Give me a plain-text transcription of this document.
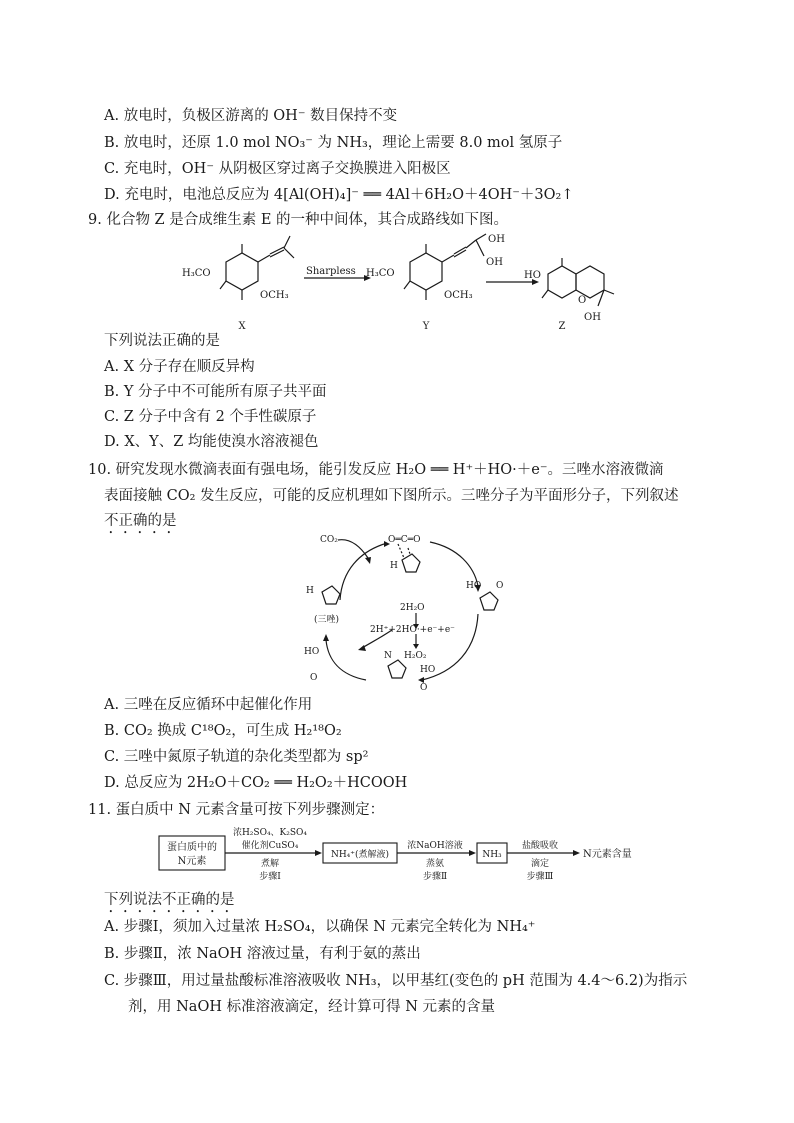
A. 放电时，负极区游离的 OH⁻ 数目保持不变
B. 放电时，还原 1.0 mol NO₃⁻ 为 NH₃，理论上需要 8.0 mol 氢原子
C. 充电时，OH⁻ 从阴极区穿过离子交换膜进入阳极区
D. 充电时，电池总反应为 4[Al(OH)₄]⁻ ══ 4Al＋6H₂O＋4OH⁻＋3O₂↑
9. 化合物 Z 是合成维生素 E 的一种中间体，其合成路线如下图。
H₃CO
OCH₃
X
Sharpless
OH
OH
H₃CO
OCH₃
Y
HO
O
OH
Z
下列说法正确的是
A. X 分子存在顺反异构
B. Y 分子中不可能所有原子共平面
C. Z 分子中含有 2 个手性碳原子
D. X、Y、Z 均能使溴水溶液褪色
10. 研究发现水微滴表面有强电场，能引发反应 H₂O ══ H⁺＋HO·＋e⁻。三唑水溶液微滴
表面接触 CO₂ 发生反应，可能的反应机理如下图所示。三唑分子为平面形分子，下列叙述
不正确的是
CO₂	O═C═O
H
(三唑)
H
HO O
2H₂O
2H⁺+2HO·+e⁻+e⁻
H₂O₂
HO
O
HO
O
N
A. 三唑在反应循环中起催化作用
B. CO₂ 换成 C¹⁸O₂，可生成 H₂¹⁸O₂
C. 三唑中氮原子轨道的杂化类型都为 sp²
D. 总反应为 2H₂O＋CO₂ ══ H₂O₂＋HCOOH
11. 蛋白质中 N 元素含量可按下列步骤测定：
蛋白质中的
N元素
浓H₂SO₄、K₂SO₄
催化剂CuSO₄
煮解
步骤Ⅰ
NH₄⁺(煮解液)
浓NaOH溶液
蒸氨
步骤Ⅱ
NH₃
盐酸吸收
滴定
步骤Ⅲ
N元素含量
下列说法不正确的是
A. 步骤Ⅰ，须加入过量浓 H₂SO₄，以确保 N 元素完全转化为 NH₄⁺
B. 步骤Ⅱ，浓 NaOH 溶液过量，有利于氨的蒸出
C. 步骤Ⅲ，用过量盐酸标准溶液吸收 NH₃，以甲基红(变色的 pH 范围为 4.4～6.2)为指示
剂，用 NaOH 标准溶液滴定，经计算可得 N 元素的含量
